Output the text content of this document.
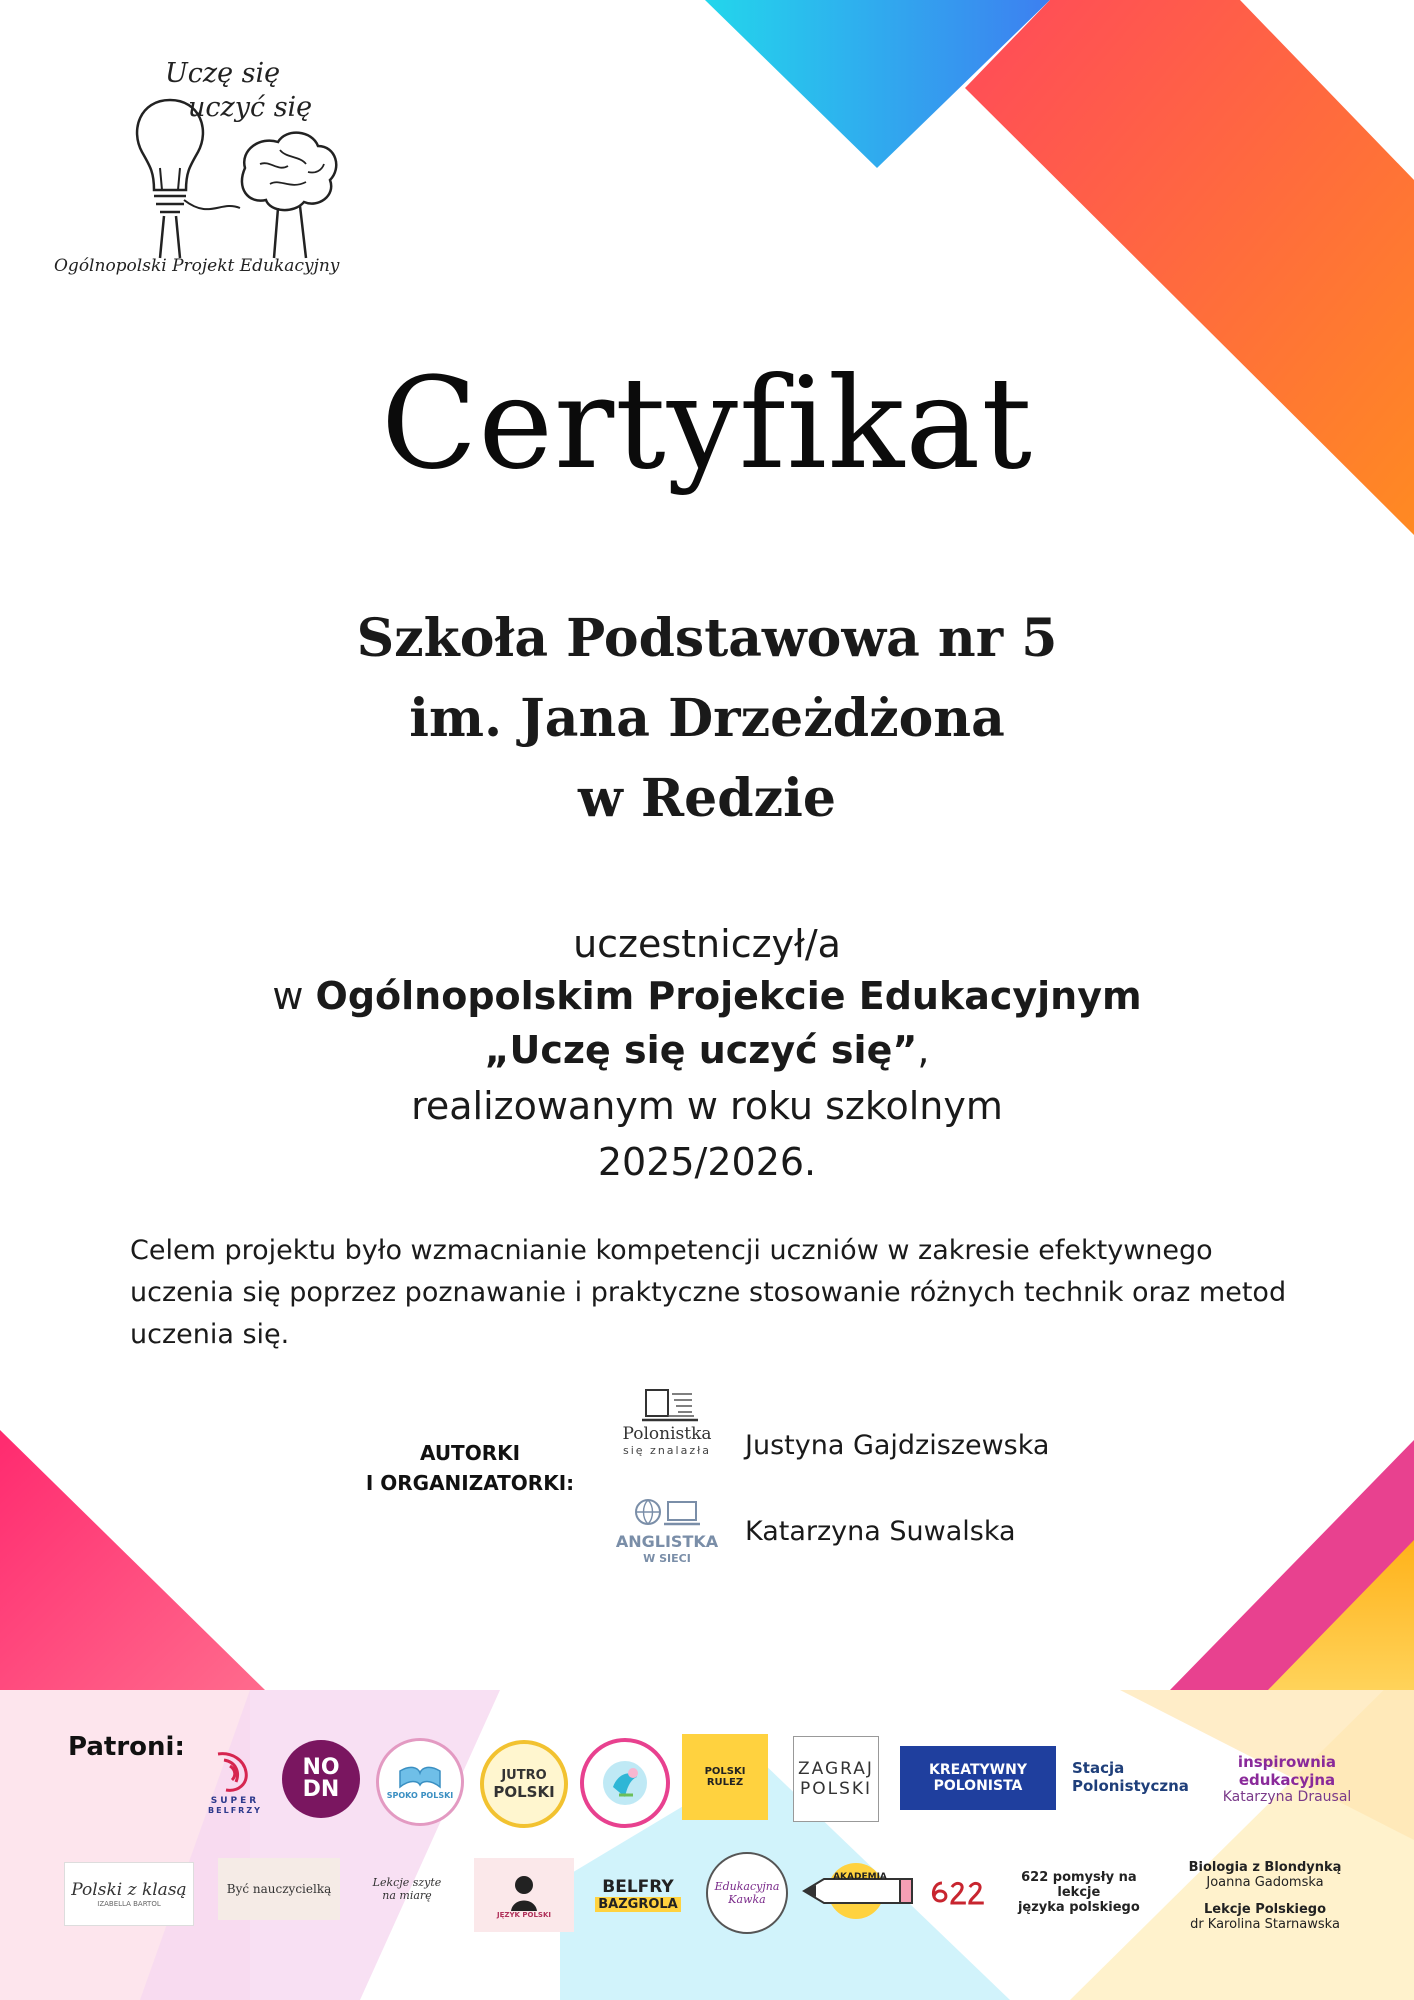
Uczę się
uczyć się
Ogólnopolski Projekt Edukacyjny
Certyfikat
Szkoła Podstawowa nr 5
im. Jana Drzeżdżona
w Redzie
uczestniczył/a
w Ogólnopolskim Projekcie Edukacyjnym
„Uczę się uczyć się”,
realizowanym w roku szkolnym
2025/2026.
Celem projektu było wzmacnianie kompetencji uczniów w zakresie efektywnego uczenia się poprzez poznawanie i praktyczne stosowanie różnych technik oraz metod uczenia się.
AUTORKI
I ORGANIZATORKI:
Polonistka
się znalazła	Justyna Gajdziszewska
ANGLISTKA
W SIECI
Katarzyna Suwalska
Patroni:
SUPER
BELFRZY
NO
DN	SPOKO POLSKI
JUTRO
POLSKI
POLSKI
RULEZ
ZAGRAJ
POLSKI
KREATYWNY
POLONISTA
Stacja
Polonistyczna
inspirownia
edukacyjna
Katarzyna Drausal
Polski z klasą
IZABELLA BARTOL
Być nauczycielką	Lekcje szyte
na miarę
JĘZYK POLSKI
BELFRY
BAZGROLA
Edukacyjna
Kawka
AKADEMIA	622 pomysły na lekcje
języka polskiego
Biologia z Blondynką
Joanna Gadomska
Lekcje Polskiego
dr Karolina Starnawska
